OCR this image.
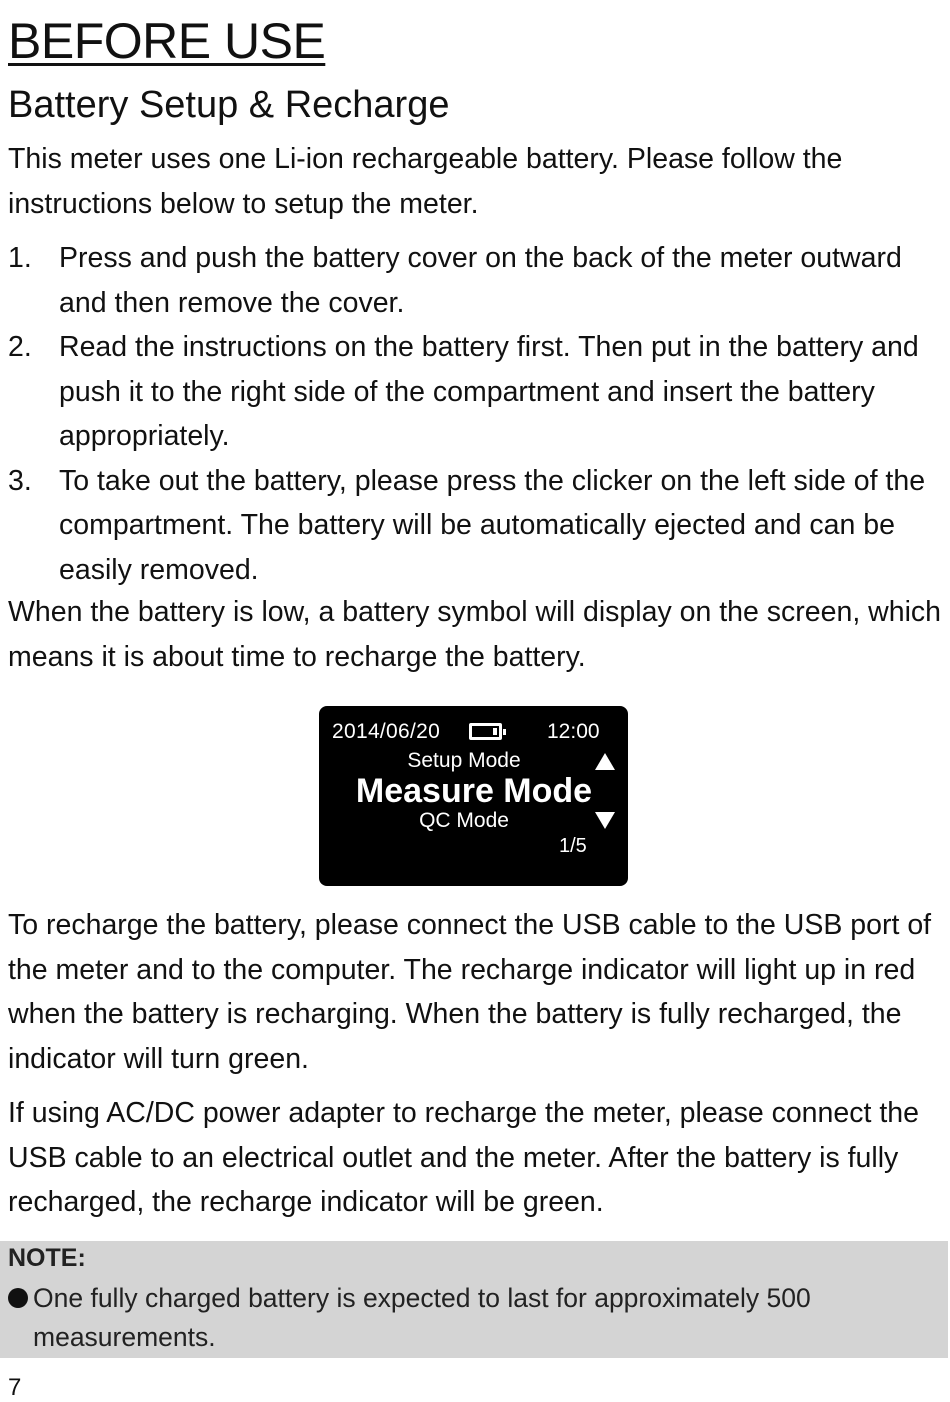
BEFORE USE
Battery Setup & Recharge

This meter uses one Li-ion rechargeable battery. Please follow the instructions below to setup the meter.

1. Press and push the battery cover on the back of the meter outward and then remove the cover.
2. Read the instructions on the battery first. Then put in the battery and push it to the right side of the compartment and insert the battery appropriately.
3. To take out the battery, please press the clicker on the left side of the compartment. The battery will be automatically ejected and can be easily removed.

When the battery is low, a battery symbol will display on the screen, which means it is about time to recharge the battery.

2014/06/20	12:00
Setup Mode
Measure Mode
QC Mode
1/5

To recharge the battery, please connect the USB cable to the USB port of the meter and to the computer. The recharge indicator will light up in red when the battery is recharging. When the battery is fully recharged, the indicator will turn green.

If using AC/DC power adapter to recharge the meter, please connect the USB cable to an electrical outlet and the meter. After the battery is fully recharged, the recharge indicator will be green.

NOTE:
One fully charged battery is expected to last for approximately 500 measurements.
7
